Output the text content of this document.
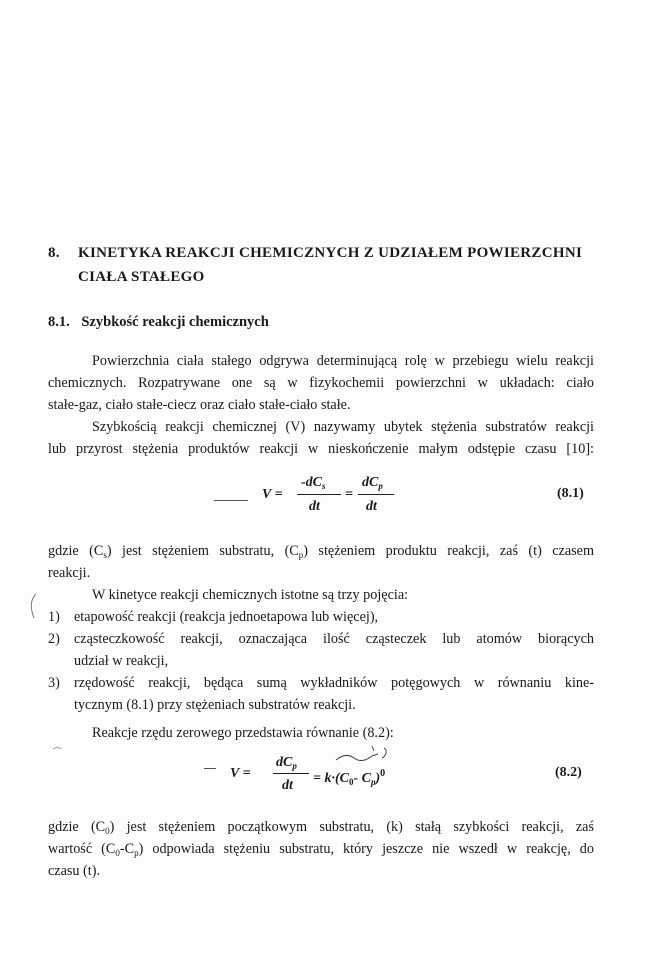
8. KINETYKA REAKCJI CHEMICZNYCH Z UDZIAŁEM POWIERZCHNI
CIAŁA STAŁEGO
8.1. Szybkość reakcji chemicznych
Powierzchnia ciała stałego odgrywa determinującą rolę w przebiegu wielu reakcji
chemicznych. Rozpatrywane one są w fizykochemii powierzchni w układach: ciało
stałe-gaz, ciało stałe-ciecz oraz ciało stałe-ciało stałe.
Szybkością reakcji chemicznej (V) nazywamy ubytek stężenia substratów reakcji
lub przyrost stężenia produktów reakcji w nieskończenie małym odstępie czasu [10]:
V =
$-dC_s$
dt
=
$dC_p$
dt
(8.1)
gdzie $(C_s)$ jest stężeniem substratu, $(C_p)$ stężeniem produktu reakcji, zaś (t) czasem
reakcji.
W kinetyce reakcji chemicznych istotne są trzy pojęcia:
1) etapowość reakcji (reakcja jednoetapowa lub więcej),
2) cząsteczkowość reakcji, oznaczająca ilość cząsteczek lub atomów biorących
udział w reakcji,
3) rzędowość reakcji, będąca sumą wykładników potęgowych w równaniu kine-
tycznym (8.1) przy stężeniach substratów reakcji.
Reakcje rzędu zerowego przedstawia równanie (8.2):
V =
$dC_p$
dt = $k\cdot(C_0-$ $C_p)^0$	(8.2)
gdzie $(C_0)$ jest stężeniem początkowym substratu, (k) stałą szybkości reakcji, zaś
wartość $(C_0-C_p)$ odpowiada stężeniu substratu, który jeszcze nie wszedł w reakcję, do
czasu (t).
